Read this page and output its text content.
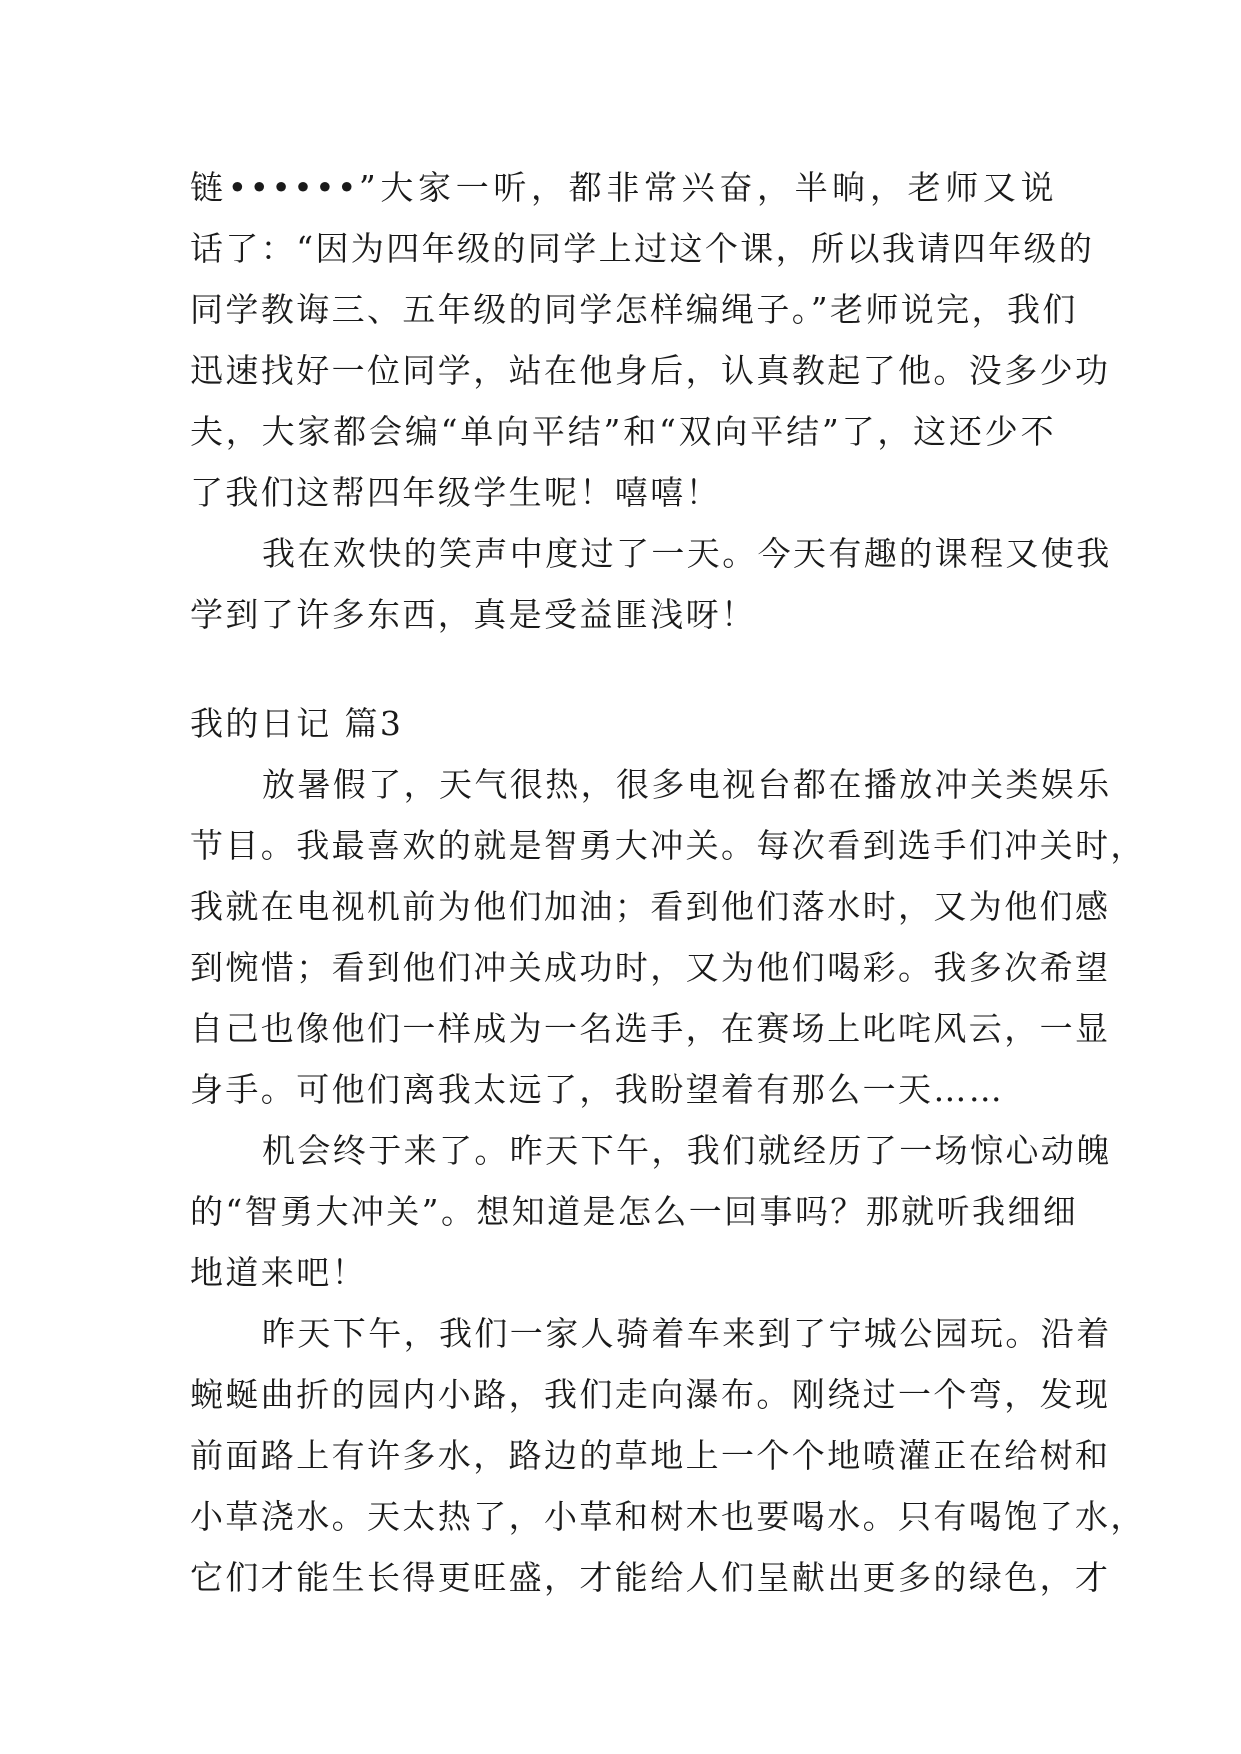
链••••••”大家一听，都非常兴奋，半晌，老师又说
话了：“因为四年级的同学上过这个课，所以我请四年级的
同学教诲三、五年级的同学怎样编绳子。”老师说完，我们
迅速找好一位同学，站在他身后，认真教起了他。没多少功
夫，大家都会编“单向平结”和“双向平结”了，这还少不
了我们这帮四年级学生呢！嘻嘻！
我在欢快的笑声中度过了一天。今天有趣的课程又使我
学到了许多东西，真是受益匪浅呀！
我的日记 篇3
放暑假了，天气很热，很多电视台都在播放冲关类娱乐
节目。我最喜欢的就是智勇大冲关。每次看到选手们冲关时，
我就在电视机前为他们加油；看到他们落水时，又为他们感
到惋惜；看到他们冲关成功时，又为他们喝彩。我多次希望
自己也像他们一样成为一名选手，在赛场上叱咤风云，一显
身手。可他们离我太远了，我盼望着有那么一天……
机会终于来了。昨天下午，我们就经历了一场惊心动魄
的“智勇大冲关”。想知道是怎么一回事吗？那就听我细细
地道来吧！
昨天下午，我们一家人骑着车来到了宁城公园玩。沿着
蜿蜒曲折的园内小路，我们走向瀑布。刚绕过一个弯，发现
前面路上有许多水，路边的草地上一个个地喷灌正在给树和
小草浇水。天太热了，小草和树木也要喝水。只有喝饱了水，
它们才能生长得更旺盛，才能给人们呈献出更多的绿色，才
